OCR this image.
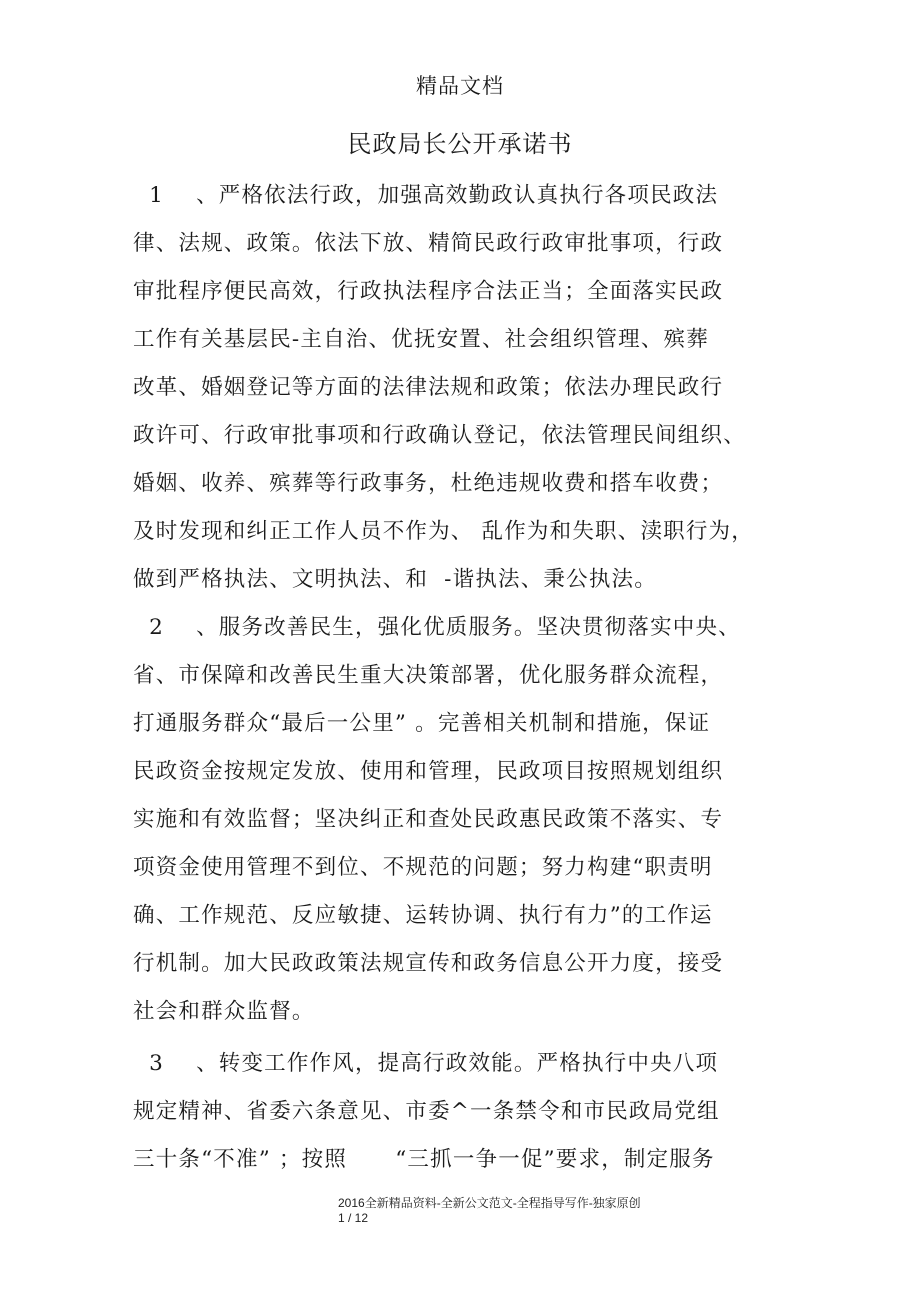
精品文档
民政局长公开承诺书
1    、严格依法行政，加强高效勤政认真执行各项民政法
律、法规、政策。依法下放、精简民政行政审批事项，行政
审批程序便民高效，行政执法程序合法正当；全面落实民政
工作有关基层民-主自治、优抚安置、社会组织管理、殡葬
改革、婚姻登记等方面的法律法规和政策；依法办理民政行
政许可、行政审批事项和行政确认登记，依法管理民间组织、
婚姻、收养、殡葬等行政事务，杜绝违规收费和搭车收费；
及时发现和纠正工作人员不作为、 乱作为和失职、渎职行为，
做到严格执法、文明执法、和  -谐执法、秉公执法。
2    、服务改善民生，强化优质服务。坚决贯彻落实中央、
省、市保障和改善民生重大决策部署，优化服务群众流程，
打通服务群众“最后一公里” 。完善相关机制和措施，保证
民政资金按规定发放、使用和管理，民政项目按照规划组织
实施和有效监督；坚决纠正和查处民政惠民政策不落实、专
项资金使用管理不到位、不规范的问题；努力构建“职责明
确、工作规范、反应敏捷、运转协调、执行有力”的工作运
行机制。加大民政政策法规宣传和政务信息公开力度，接受
社会和群众监督。
3    、转变工作作风，提高行政效能。严格执行中央八项
规定精神、省委六条意见、市委^一条禁令和市民政局党组
三十条“不准” ；按照      “三抓一争一促”要求，制定服务
2016全新精品资料-全新公文范文-全程指导写作-独家原创
1 / 12
